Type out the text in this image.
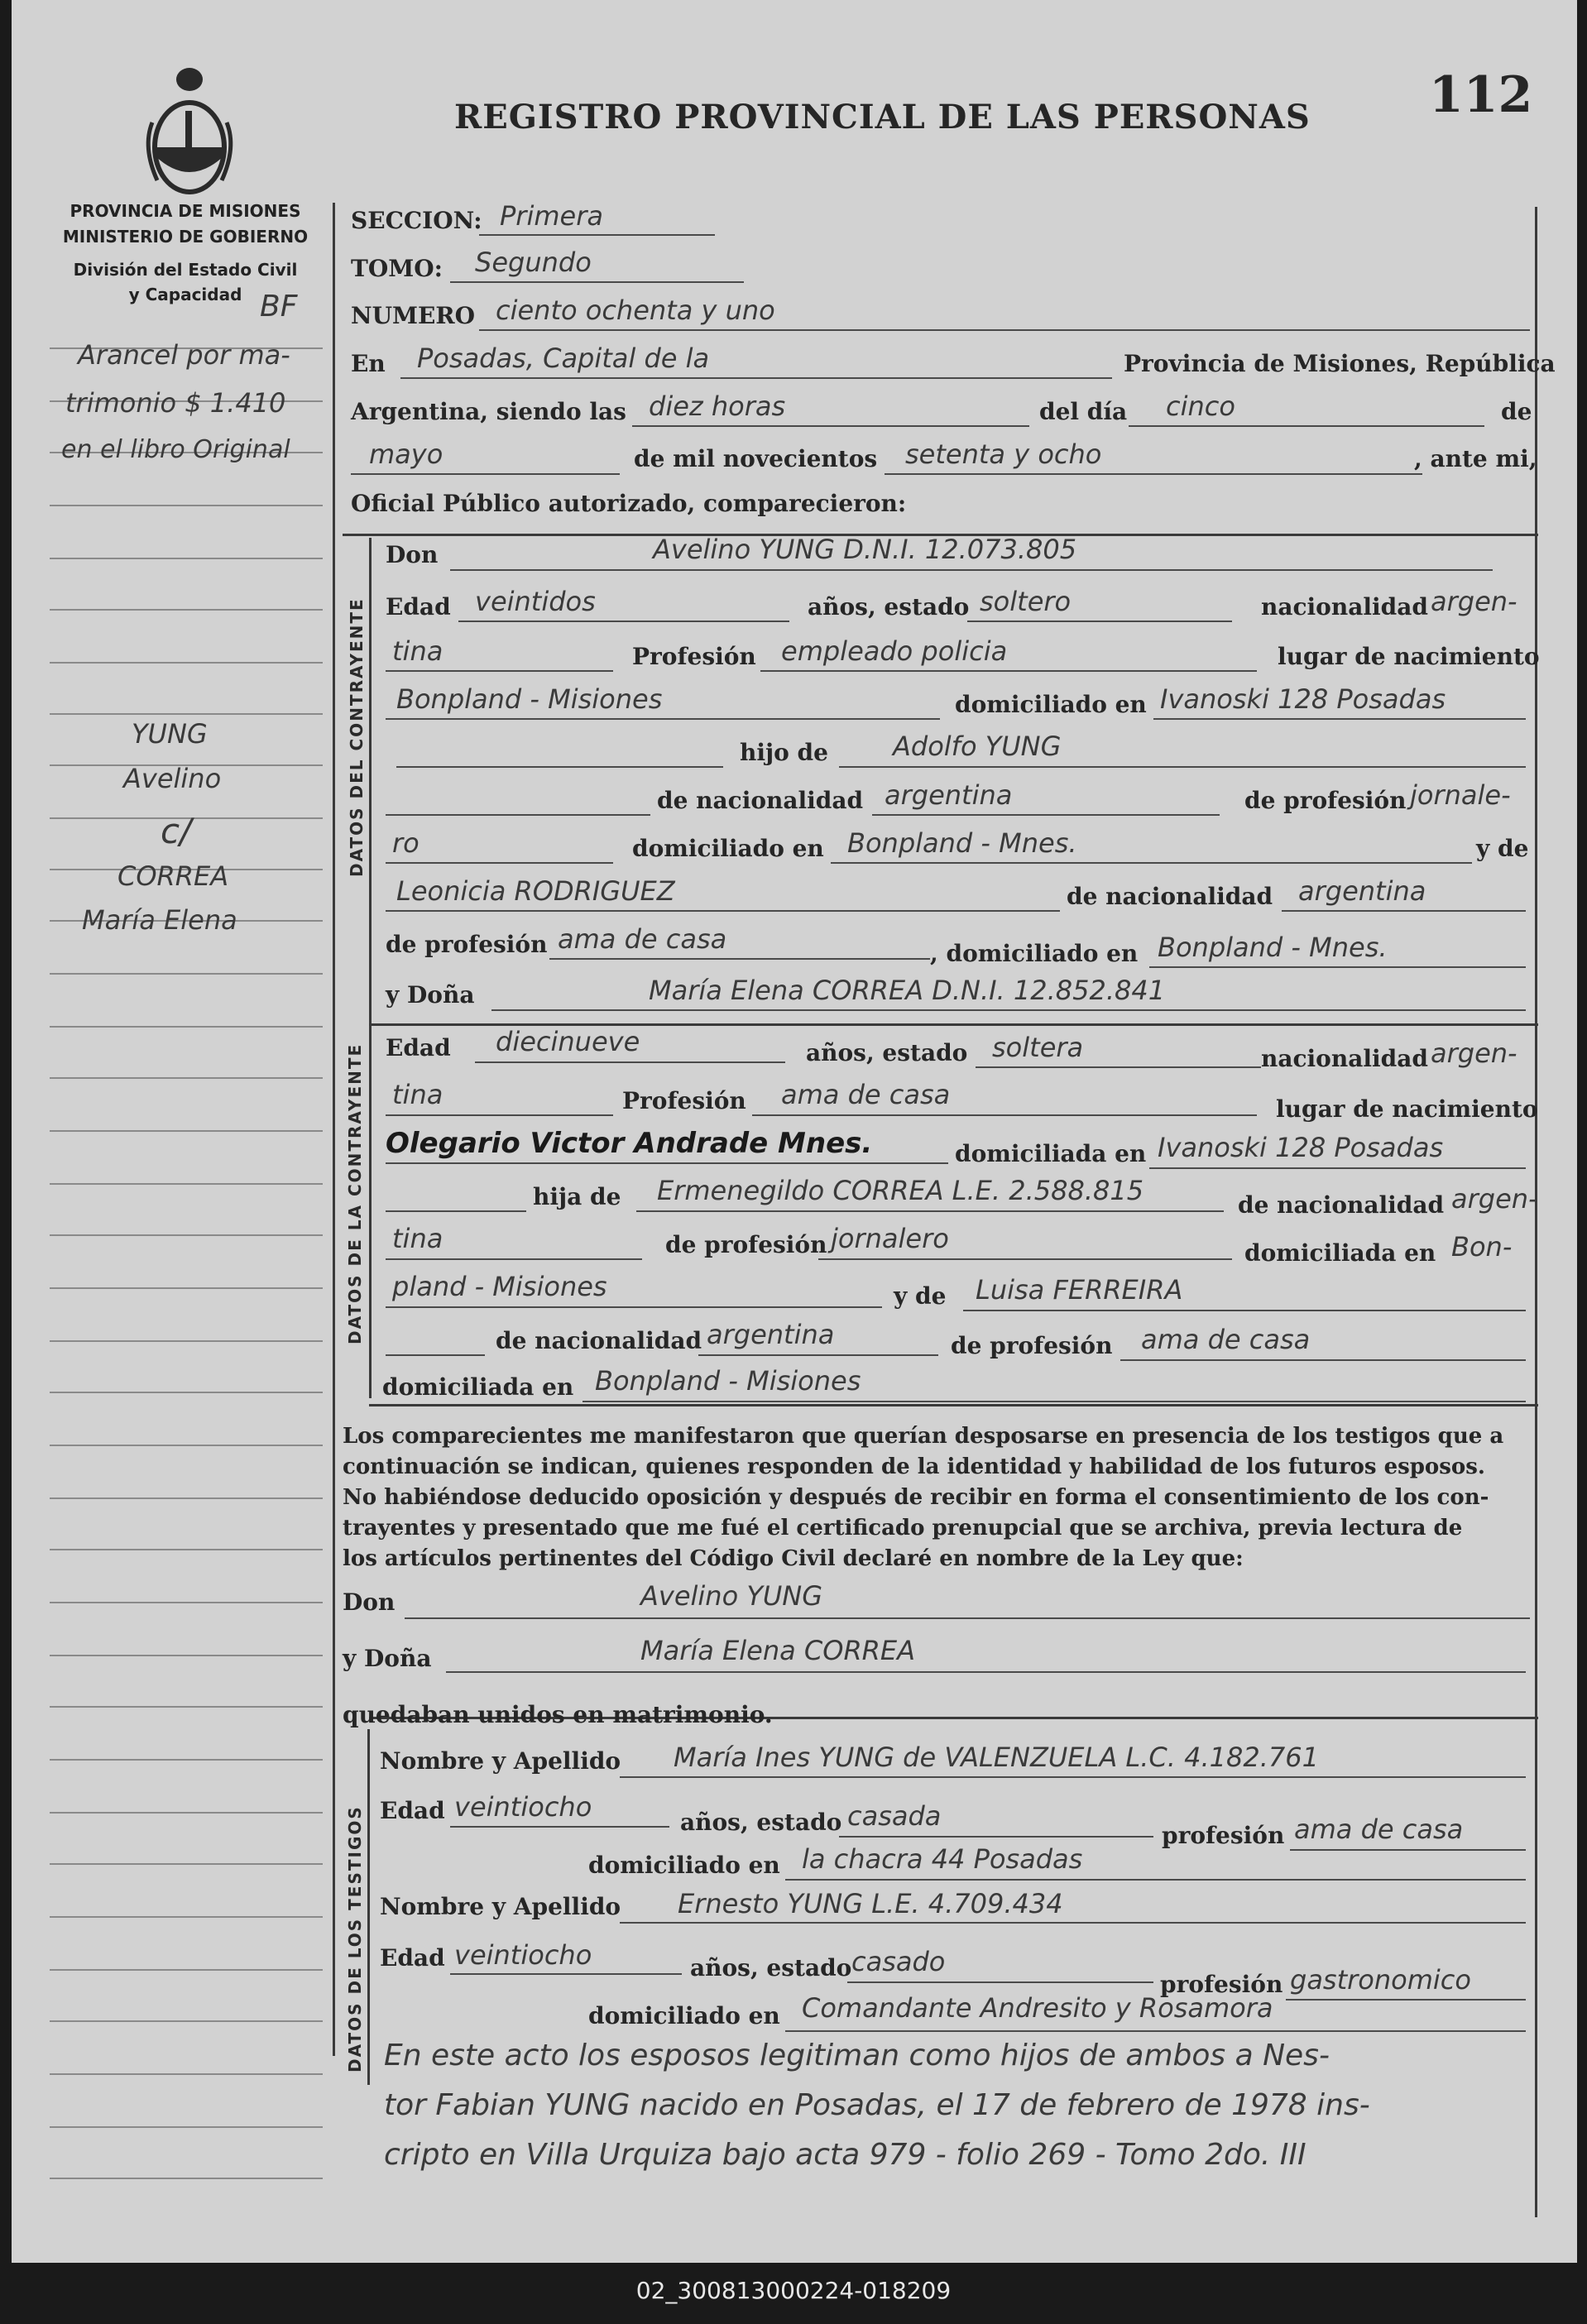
REGISTRO PROVINCIAL DE LAS PERSONAS 112
PROVINCIA DE MISIONES
MINISTERIO DE GOBIERNO
División del Estado Civil
y Capacidad BF
Arancel por ma-
trimonio $ 1.410
en el libro Original
YUNG
Avelino
c/
CORREA
María Elena
DATOS DEL CONTRAYENTE
DATOS DE LA CONTRAYENTE
DATOS DE LOS TESTIGOS
SECCION: Primera
TOMO: Segundo
NUMERO ciento ochenta y uno
En Posadas, Capital de la	Provincia de Misiones, República
Argentina, siendo las diez horas	del día cinco	de
mayo	de mil novecientos setenta y ocho	, ante mi,
Oficial Público autorizado, comparecieron:
Don	Avelino YUNG D.N.I. 12.073.805
Edad veintidos	años, estado soltero	nacionalidad argen-
tina	Profesión empleado policia	lugar de nacimiento
Bonpland - Misiones	domiciliado en Ivanoski 128 Posadas
hijo de Adolfo YUNG
de nacionalidad argentina	de profesión jornale-
ro	domiciliado en Bonpland - Mnes.	y de
Leonicia RODRIGUEZ	de nacionalidad argentina
de profesión ama de casa	, domiciliado en Bonpland - Mnes.
y Doña	María Elena CORREA D.N.I. 12.852.841
Edad diecinueve	años, estado soltera	nacionalidad argen-
tina	Profesión ama de casa	lugar de nacimiento
Olegario Victor Andrade Mnes.	domiciliada en Ivanoski 128 Posadas
hija de Ermenegildo CORREA L.E. 2.588.815	de nacionalidad argen-
tina	de profesión jornalero	domiciliada en Bon-
pland - Misiones	y de Luisa FERREIRA
de nacionalidad argentina	de profesión ama de casa
domiciliada en Bonpland - Misiones
Los comparecientes me manifestaron que querían desposarse en presencia de los testigos que a
continuación se indican, quienes responden de la identidad y habilidad de los futuros esposos.
No habiéndose deducido oposición y después de recibir en forma el consentimiento de los con-
trayentes y presentado que me fué el certificado prenupcial que se archiva, previa lectura de
los artículos pertinentes del Código Civil declaré en nombre de la Ley que:
Don	Avelino YUNG
y Doña	María Elena CORREA
quedaban unidos en matrimonio.
Nombre y Apellido María Ines YUNG de VALENZUELA L.C. 4.182.761
Edad veintiocho	años, estado casada
profesión ama de casa
domiciliado en la chacra 44 Posadas
Nombre y Apellido Ernesto YUNG L.E. 4.709.434
Edad veintiocho	años, estado casado
profesión gastronomico
domiciliado en Comandante Andresito y Rosamora
En este acto los esposos legitiman como hijos de ambos a Nes-
tor Fabian YUNG nacido en Posadas, el 17 de febrero de 1978 ins-
cripto en Villa Urquiza bajo acta 979 - folio 269 - Tomo 2do. III
02_300813000224-018209
